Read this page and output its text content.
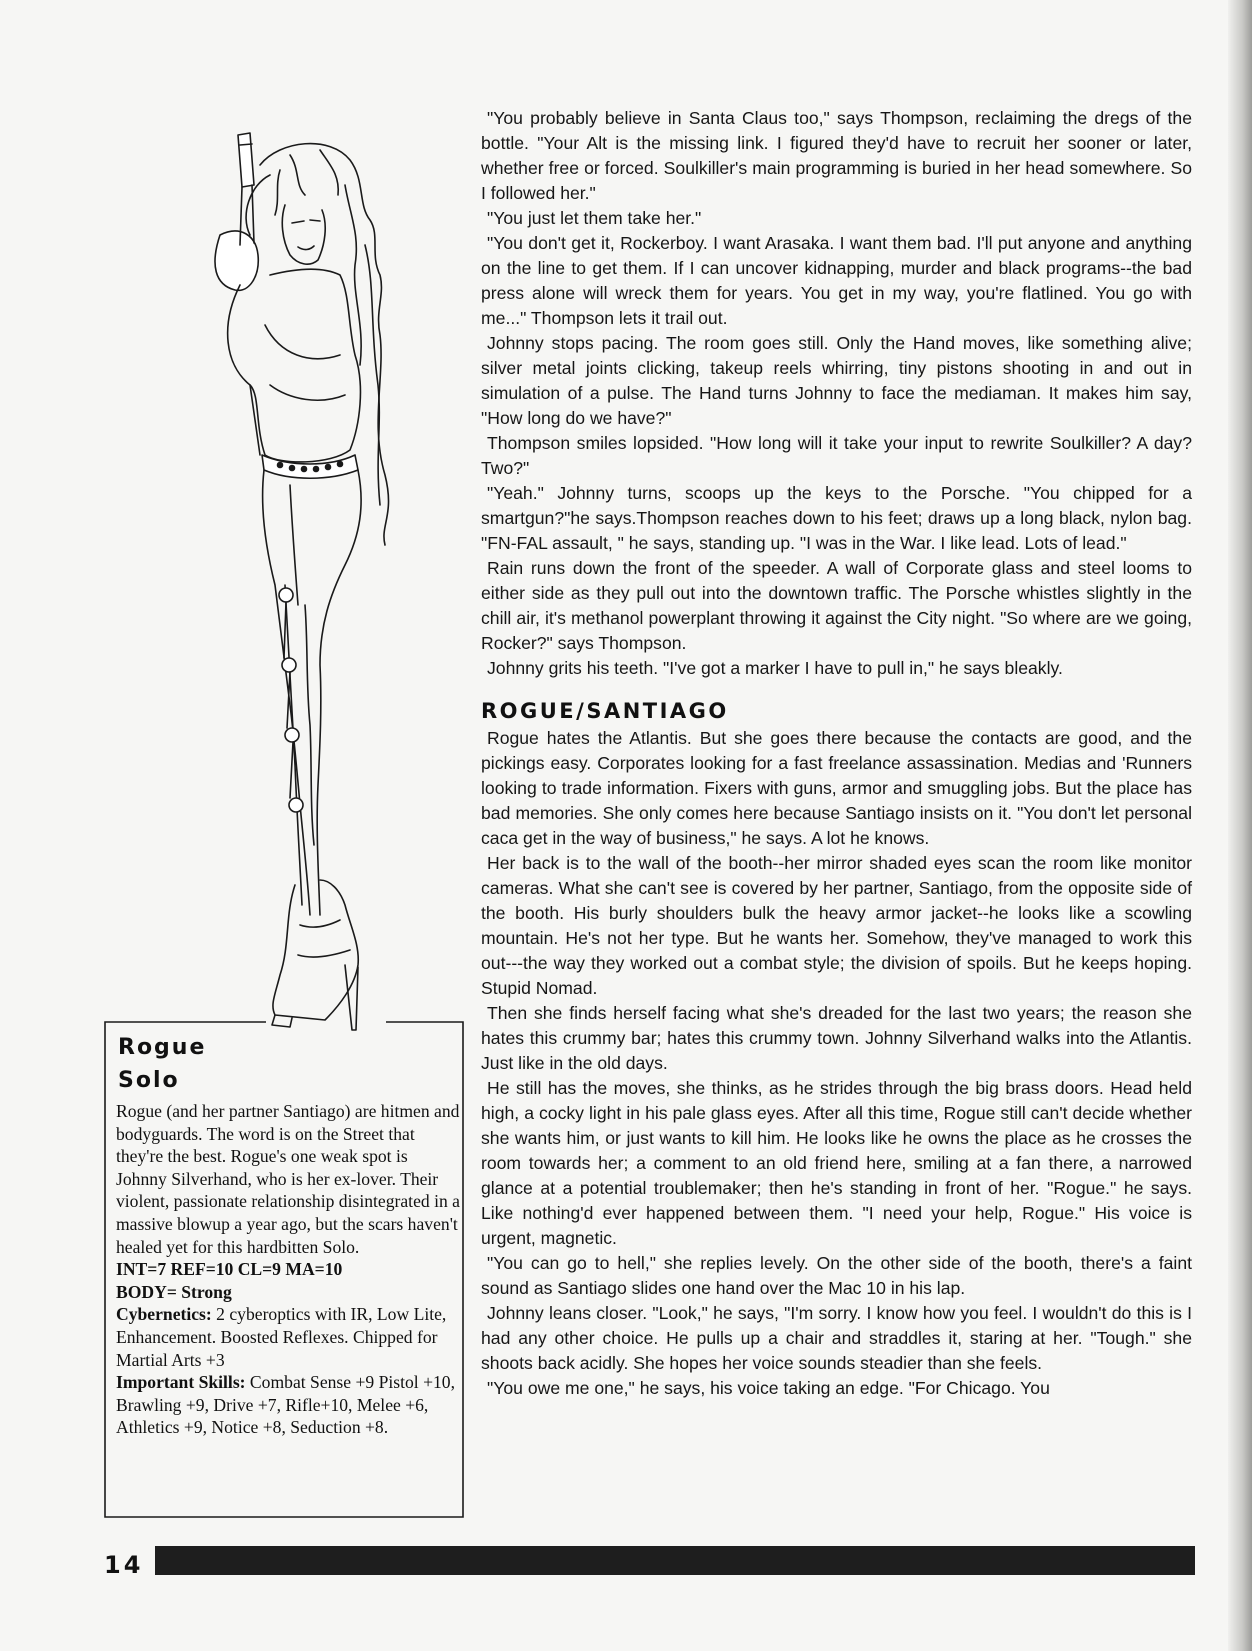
Rogue
Solo

Rogue (and her partner Santiago) are hitmen and bodyguards. The word is on the Street that they're the best. Rogue's one weak spot is Johnny Silverhand, who is her ex-lover. Their violent, passionate relationship disintegrated in a massive blowup a year ago, but the scars haven't healed yet for this hardbitten Solo.

INT=7 REF=10 CL=9 MA=10

BODY= Strong

Cybernetics: 2 cyberoptics with IR, Low Lite, Enhancement. Boosted Reflexes. Chipped for Martial Arts +3

Important Skills: Combat Sense +9 Pistol +10, Brawling +9, Drive +7, Rifle+10, Melee +6, Athletics +9, Notice +8, Seduction +8.

"You probably believe in Santa Claus too," says Thompson, reclaiming the dregs of the bottle. "Your Alt is the missing link. I figured they'd have to recruit her sooner or later, whether free or forced. Soulkiller's main programming is buried in her head somewhere. So I followed her."

"You just let them take her."

"You don't get it, Rockerboy. I want Arasaka. I want them bad. I'll put anyone and anything on the line to get them. If I can uncover kidnapping, murder and black programs--the bad press alone will wreck them for years. You get in my way, you're flatlined. You go with me..." Thompson lets it trail out.

Johnny stops pacing. The room goes still. Only the Hand moves, like something alive; silver metal joints clicking, takeup reels whirring, tiny pistons shooting in and out in simulation of a pulse. The Hand turns Johnny to face the mediaman. It makes him say, "How long do we have?"

Thompson smiles lopsided. "How long will it take your input to rewrite Soulkiller? A day? Two?"

"Yeah." Johnny turns, scoops up the keys to the Porsche. "You chipped for a smartgun?"he says.Thompson reaches down to his feet; draws up a long black, nylon bag. "FN-FAL assault, " he says, standing up. "I was in the War. I like lead. Lots of lead."

Rain runs down the front of the speeder. A wall of Corporate glass and steel looms to either side as they pull out into the downtown traffic. The Porsche whistles slightly in the chill air, it's methanol powerplant throwing it against the City night. "So where are we going, Rocker?" says Thompson.

Johnny grits his teeth. "I've got a marker I have to pull in," he says bleakly.

ROGUE/SANTIAGO

Rogue hates the Atlantis. But she goes there because the contacts are good, and the pickings easy. Corporates looking for a fast freelance assassination. Medias and 'Runners looking to trade information. Fixers with guns, armor and smuggling jobs. But the place has bad memories. She only comes here because Santiago insists on it. "You don't let personal caca get in the way of business," he says. A lot he knows.

Her back is to the wall of the booth--her mirror shaded eyes scan the room like monitor cameras. What she can't see is covered by her partner, Santiago, from the opposite side of the booth. His burly shoulders bulk the heavy armor jacket--he looks like a scowling mountain. He's not her type. But he wants her. Somehow, they've managed to work this out---the way they worked out a combat style; the division of spoils. But he keeps hoping. Stupid Nomad.

Then she finds herself facing what she's dreaded for the last two years; the reason she hates this crummy bar; hates this crummy town. Johnny Silverhand walks into the Atlantis. Just like in the old days.

He still has the moves, she thinks, as he strides through the big brass doors. Head held high, a cocky light in his pale glass eyes. After all this time, Rogue still can't decide whether she wants him, or just wants to kill him. He looks like he owns the place as he crosses the room towards her; a comment to an old friend here, smiling at a fan there, a narrowed glance at a potential troublemaker; then he's standing in front of her. "Rogue." he says. Like nothing'd ever happened between them. "I need your help, Rogue." His voice is urgent, magnetic.

"You can go to hell," she replies levely. On the other side of the booth, there's a faint sound as Santiago slides one hand over the Mac 10 in his lap.

Johnny leans closer. "Look," he says, "I'm sorry. I know how you feel. I wouldn't do this is I had any other choice. He pulls up a chair and straddles it, staring at her. "Tough." she shoots back acidly. She hopes her voice sounds steadier than she feels.

"You owe me one," he says, his voice taking an edge. "For Chicago. You

14
